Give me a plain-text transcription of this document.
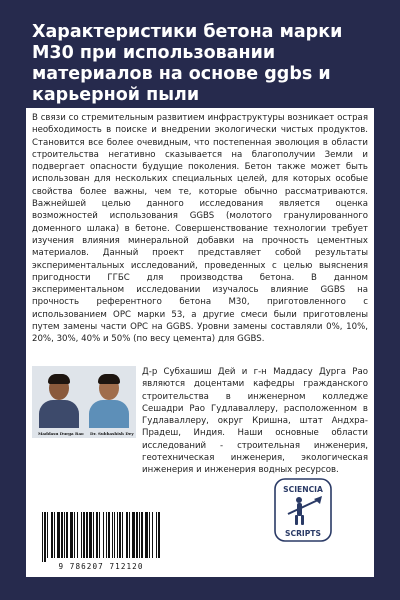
Характеристики бетона марки М30 при использовании материалов на основе ggbs и карьерной пыли

В связи со стремительным развитием инфраструктуры возникает острая необходимость в поиске и внедрении экологически чистых продуктов. Становится все более очевидным, что постепенная эволюция в области строительства негативно сказывается на благополучии Земли и подвергает опасности будущие поколения. Бетон также может быть использован для нескольких специальных целей, для которых особые свойства более важны, чем те, которые обычно рассматриваются. Важнейшей целью данного исследования является оценка возможностей использования GGBS (молотого гранулированного доменного шлака) в бетоне. Совершенствование технологии требует изучения влияния минеральной добавки на прочность цементных материалов. Данный проект представляет собой результаты экспериментальных исследований, проведенных с целью выяснения пригодности ГГБС для производства бетона. В данном экспериментальном исследовании изучалось влияние GGBS на прочность референтного бетона М30, приготовленного с использованием OPC марки 53, а другие смеси были приготовлены путем замены части OPC на GGBS. Уровни замены составляли 0%, 10%, 20%, 30%, 40% и 50% (по весу цемента) для GGBS.

Maddasu Durga Rao Dr. Subhashish Dey

Д-р Субхашиш Дей и г-н Маддасу Дурга Рао являются доцентами кафедры гражданского строительства в инженерном колледже Сешадри Рао Гудлаваллеру, расположенном в Гудлаваллеру, округ Кришна, штат Андхра-Прадеш, Индия. Наши основные области исследований - строительная инженерия, геотехническая инженерия, экологическая инженерия и инженерия водных ресурсов.

SCIENCIA
SCRIPTS
9 786207 712120
